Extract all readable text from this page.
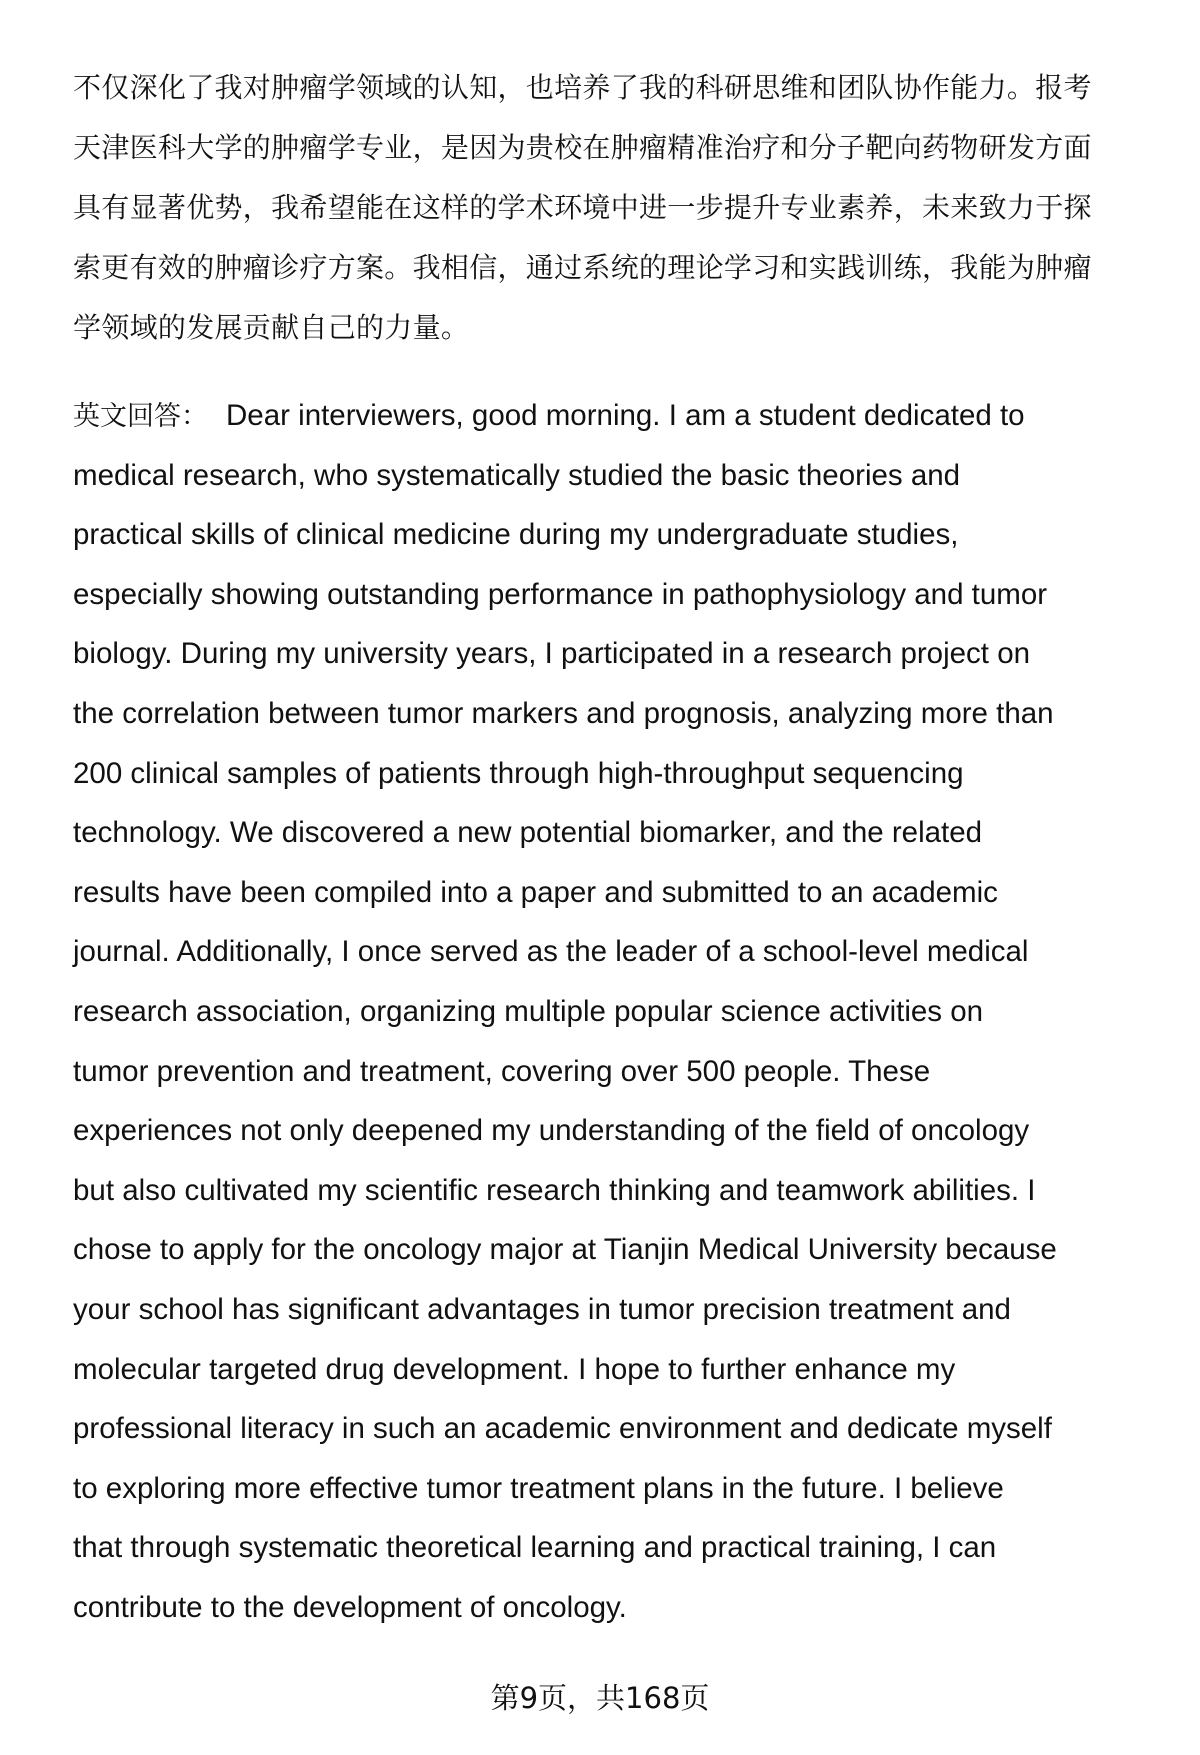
不仅深化了我对肿瘤学领域的认知，也培养了我的科研思维和团队协作能力。报考
天津医科大学的肿瘤学专业，是因为贵校在肿瘤精准治疗和分子靶向药物研发方面
具有显著优势，我希望能在这样的学术环境中进一步提升专业素养，未来致力于探
索更有效的肿瘤诊疗方案。我相信，通过系统的理论学习和实践训练，我能为肿瘤
学领域的发展贡献自己的力量。
英文回答： Dear interviewers, good morning. I am a student dedicated to
medical research, who systematically studied the basic theories and
practical skills of clinical medicine during my undergraduate studies,
especially showing outstanding performance in pathophysiology and tumor
biology. During my university years, I participated in a research project on
the correlation between tumor markers and prognosis, analyzing more than
200 clinical samples of patients through high-throughput sequencing
technology. We discovered a new potential biomarker, and the related
results have been compiled into a paper and submitted to an academic
journal. Additionally, I once served as the leader of a school-level medical
research association, organizing multiple popular science activities on
tumor prevention and treatment, covering over 500 people. These
experiences not only deepened my understanding of the field of oncology
but also cultivated my scientific research thinking and teamwork abilities. I
chose to apply for the oncology major at Tianjin Medical University because
your school has significant advantages in tumor precision treatment and
molecular targeted drug development. I hope to further enhance my
professional literacy in such an academic environment and dedicate myself
to exploring more effective tumor treatment plans in the future. I believe
that through systematic theoretical learning and practical training, I can
contribute to the development of oncology.
第9页，共168页
